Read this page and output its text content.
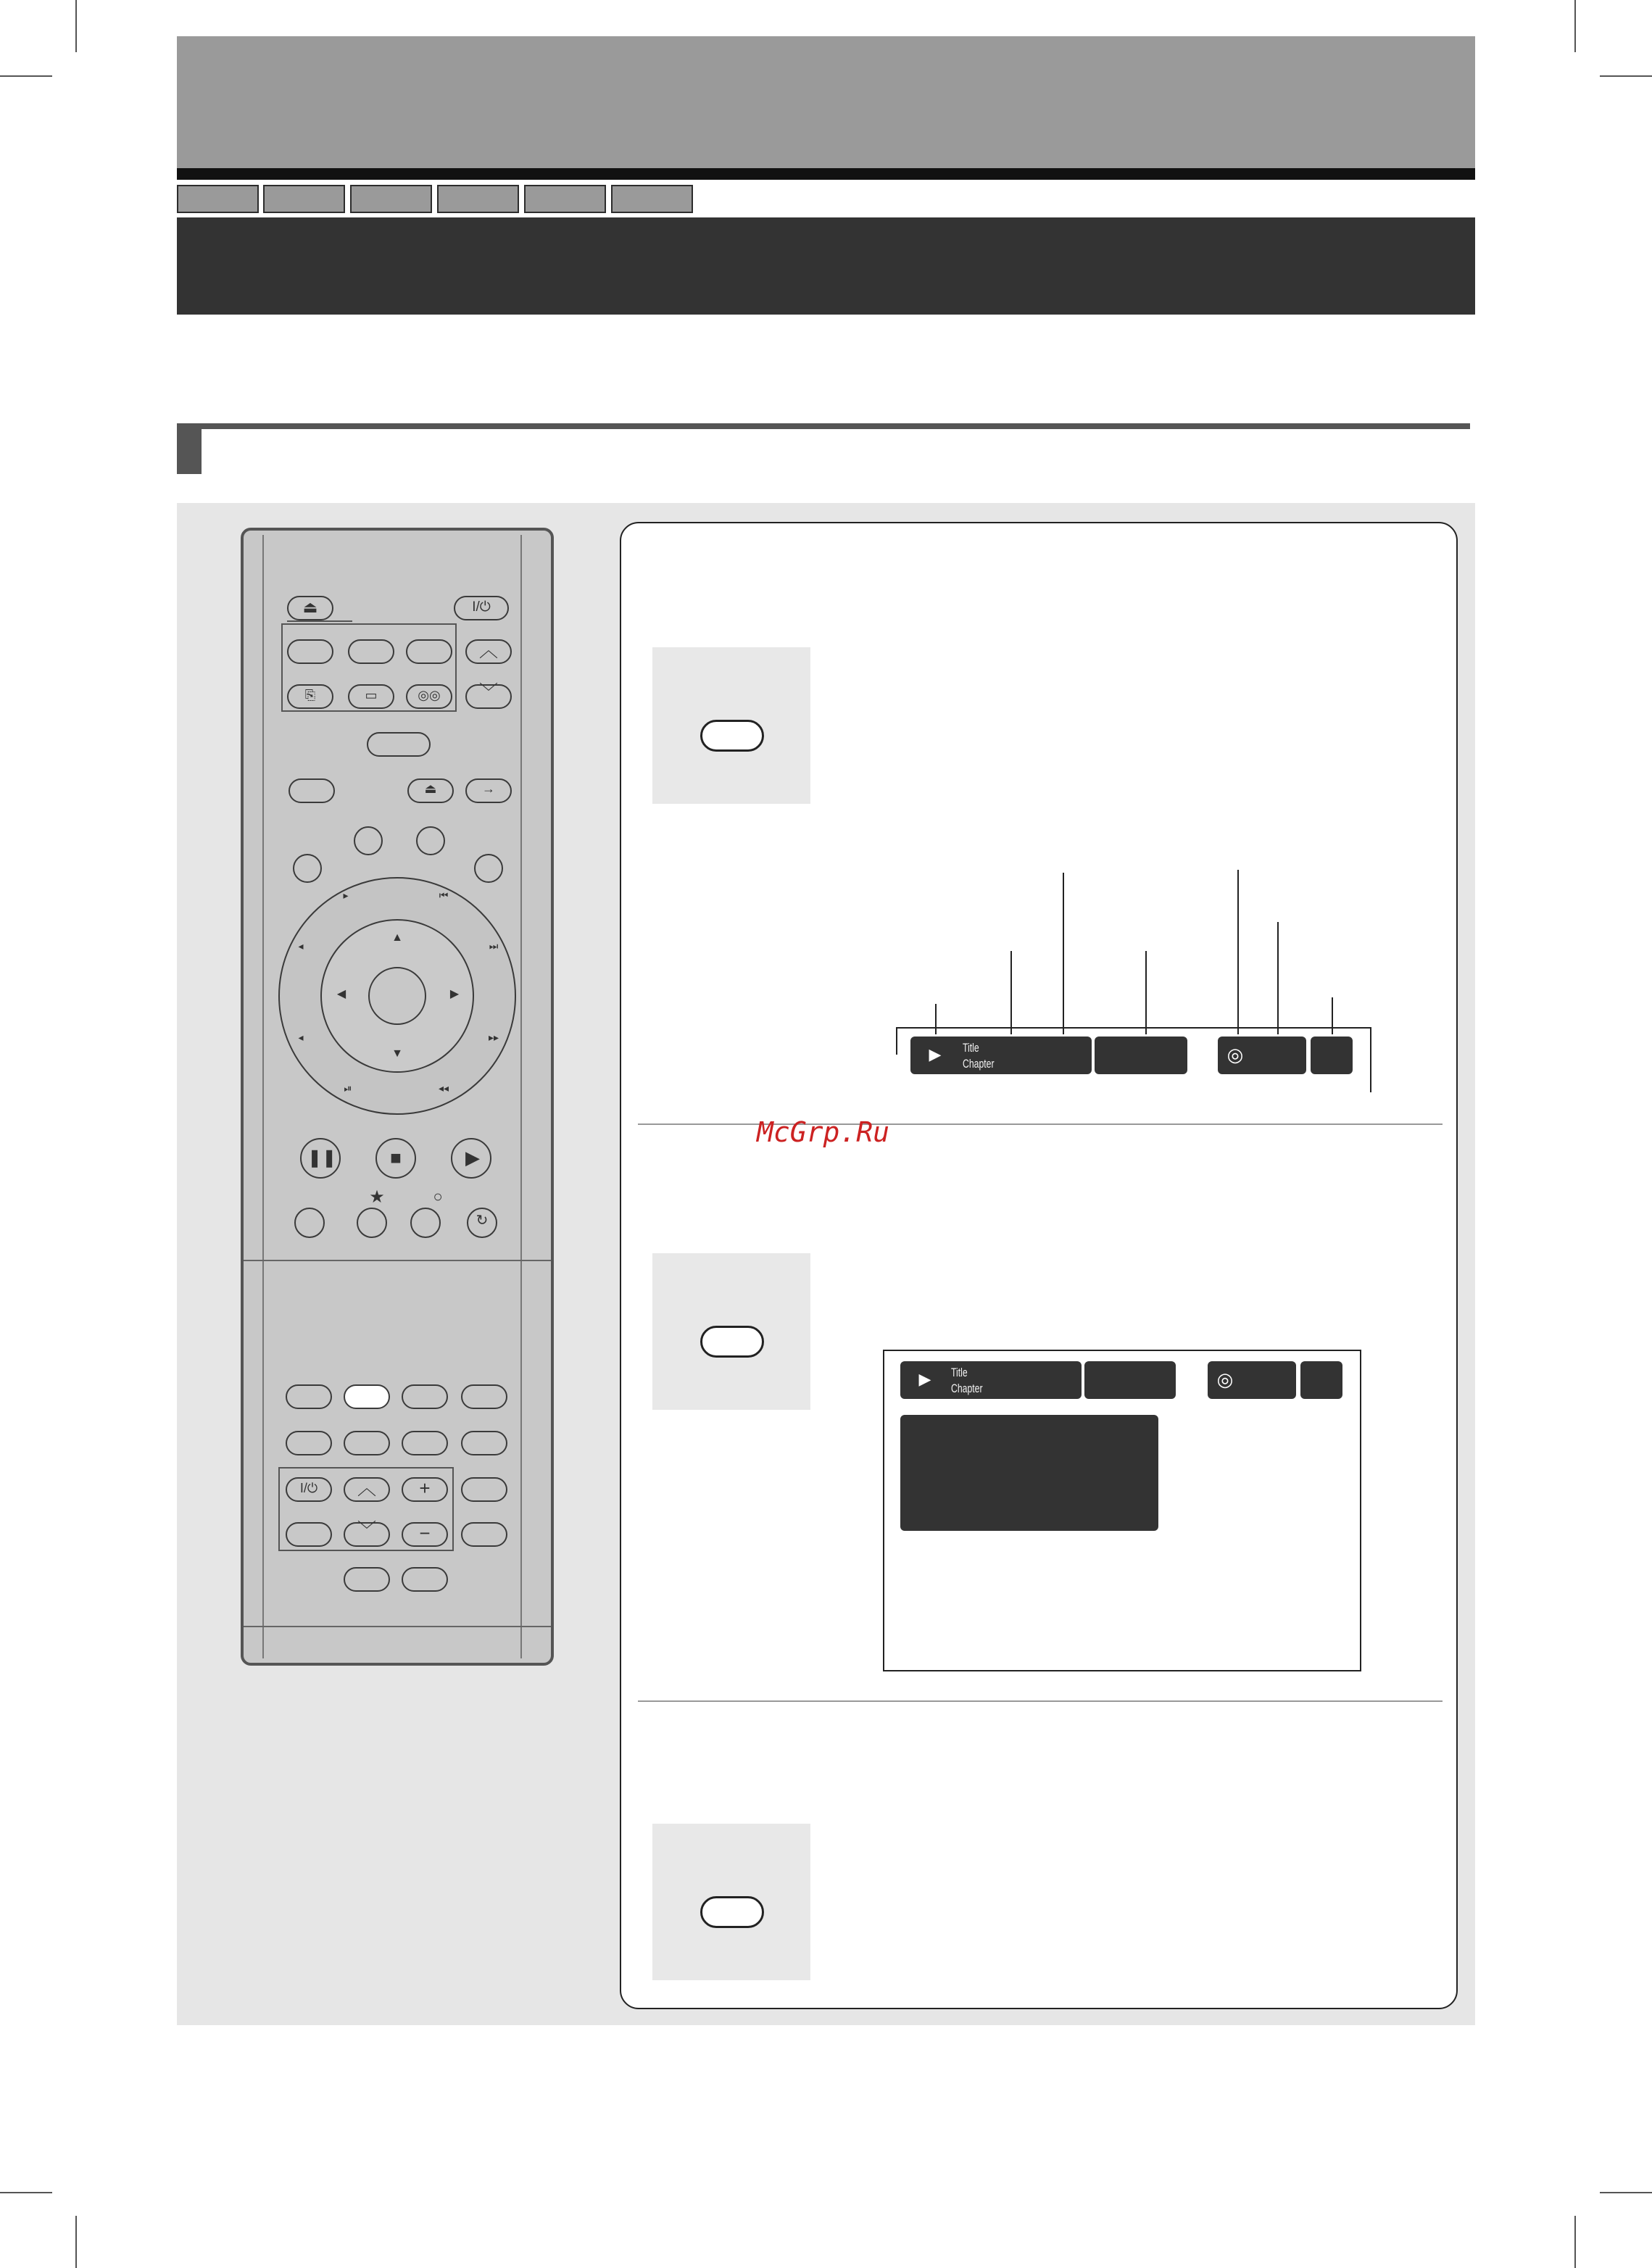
⏏	I/⏻
︿
⎘	▭	◎◎ ﹀
⏏	→
▲
▼
◀	▶
▸	⏮
◂	⏭
◂	▸▸
⏯	◂◂
❚❚	■	▶
★	○
↻
I/⏻	︿	+
﹀	−
▶ Title
Chapter	◎
McGrp.Ru
▶ Title
Chapter	◎
